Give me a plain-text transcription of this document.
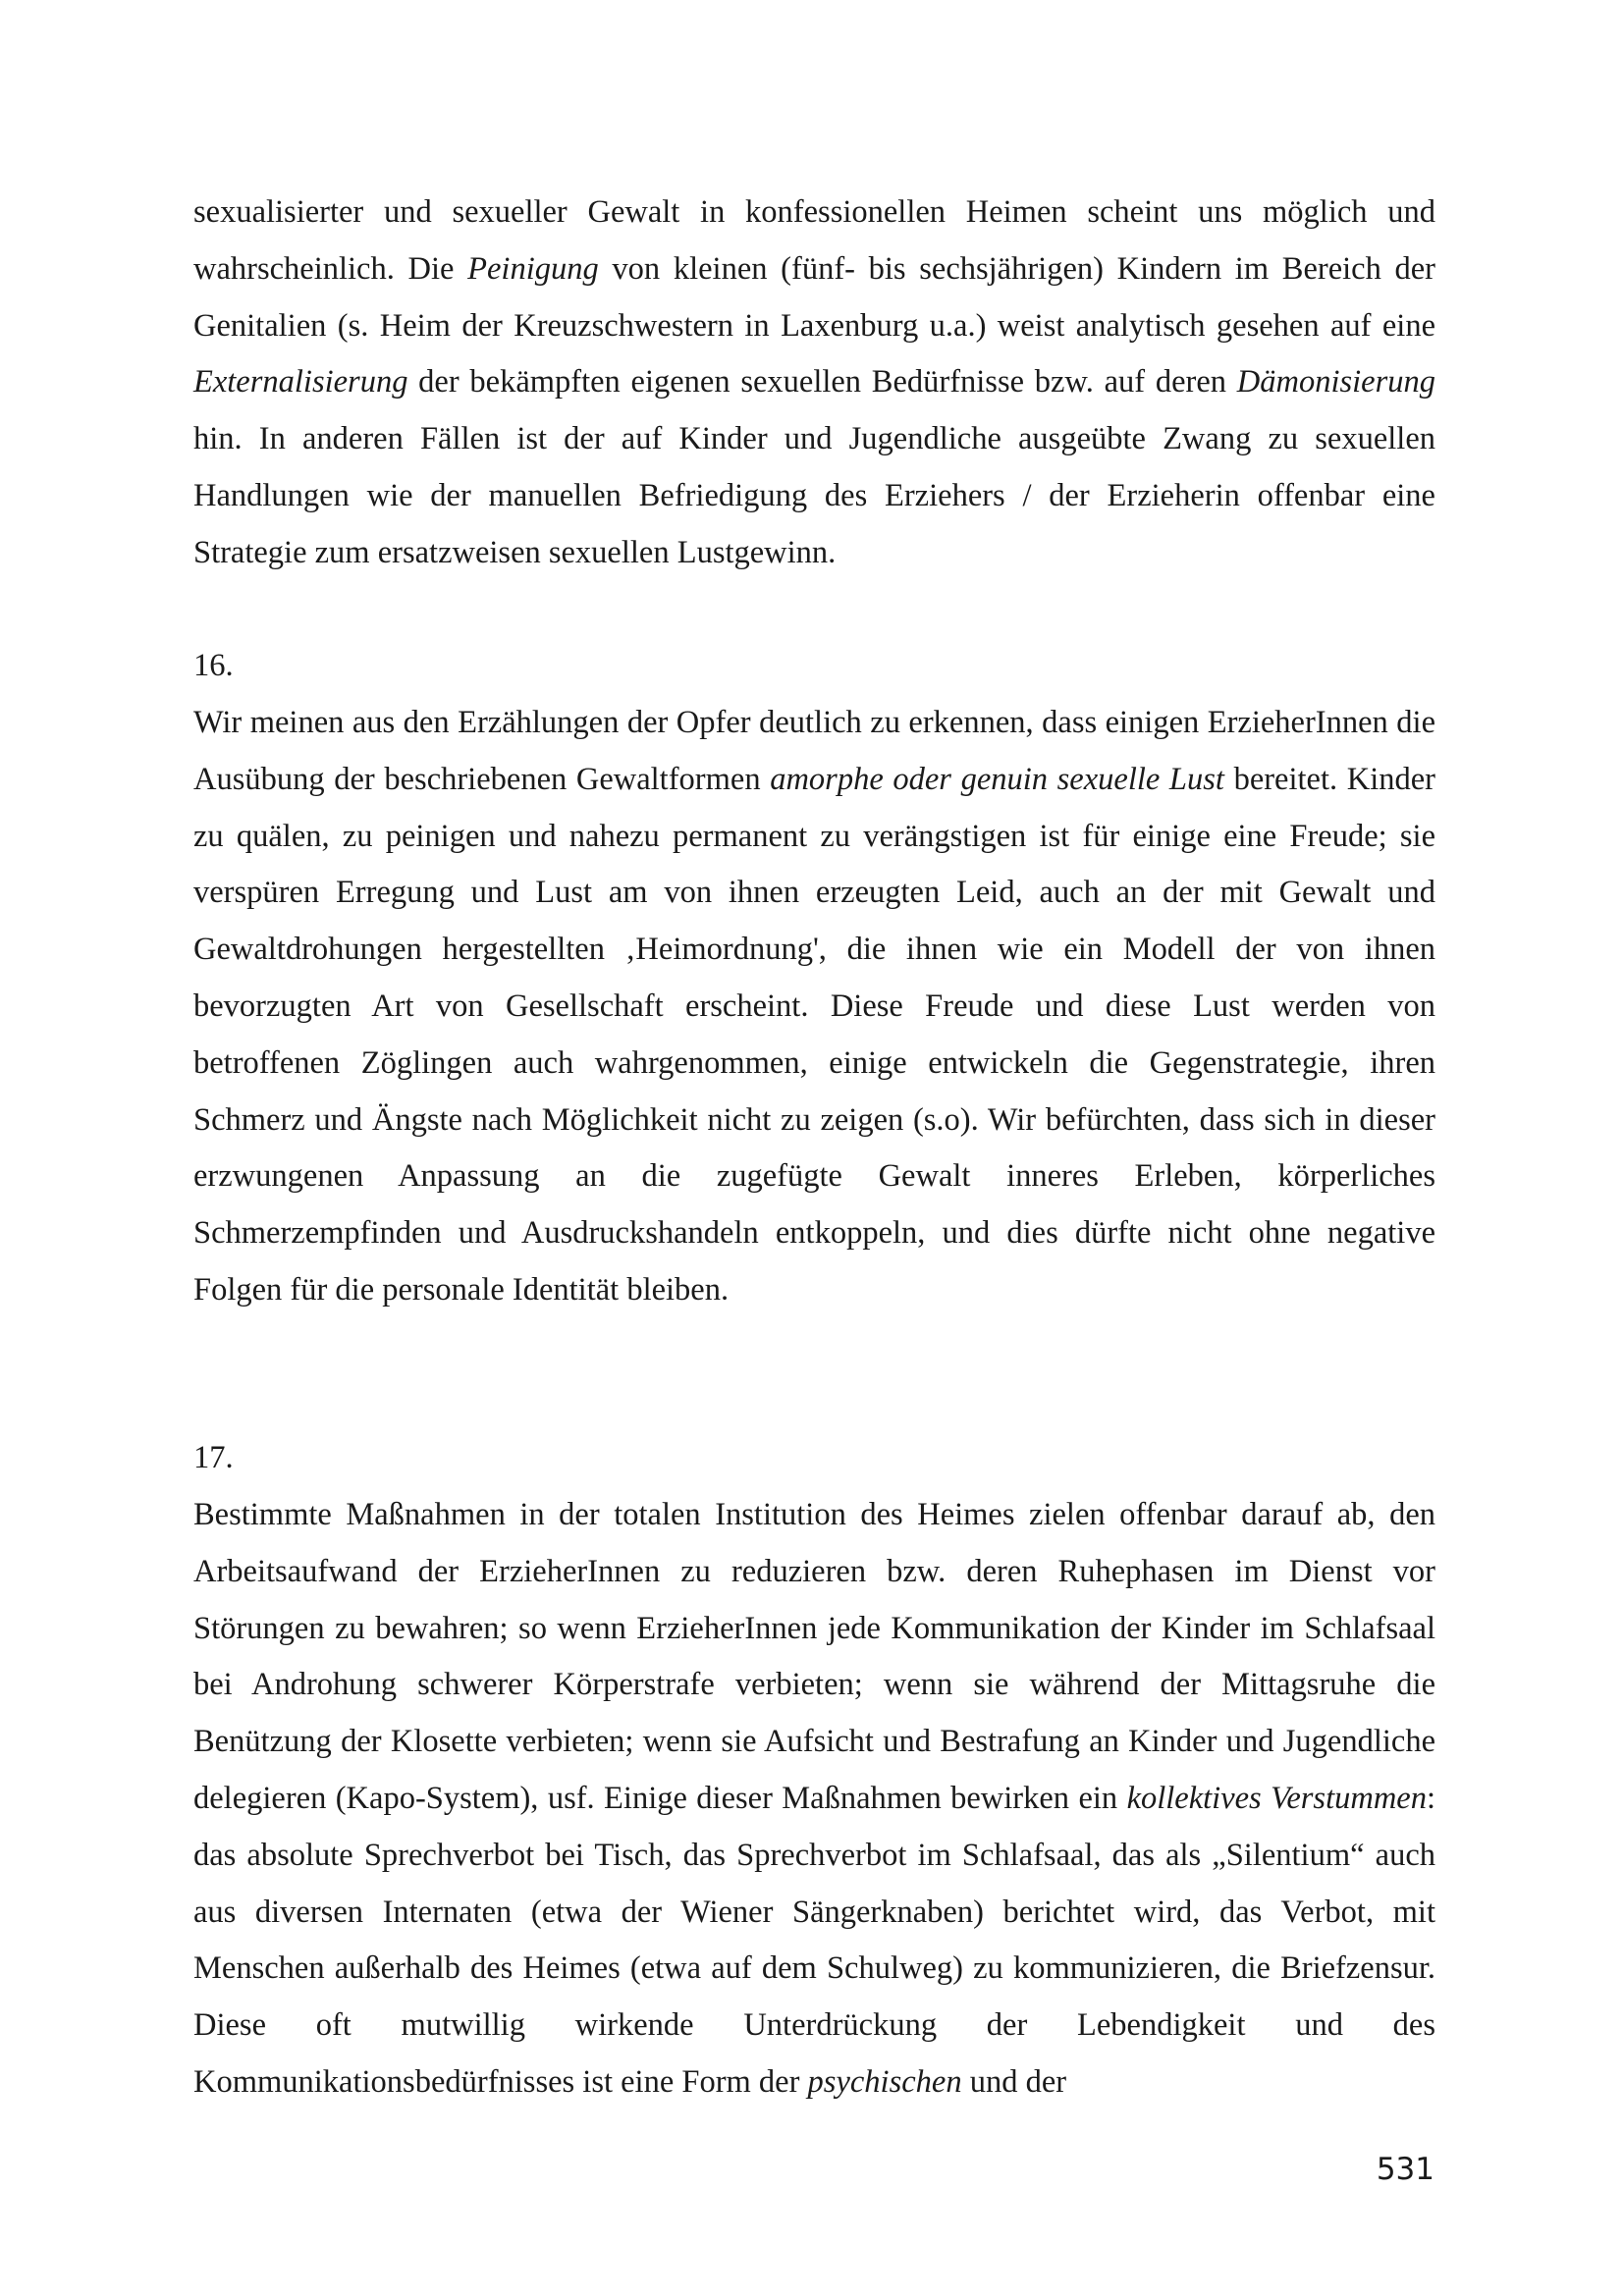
sexualisierter und sexueller Gewalt in konfessionellen Heimen scheint uns möglich und wahrscheinlich. Die Peinigung von kleinen (fünf- bis sechsjährigen) Kindern im Bereich der Genitalien (s. Heim der Kreuzschwestern in Laxenburg u.a.) weist analytisch gesehen auf eine Externalisierung der bekämpften eigenen sexuellen Bedürfnisse bzw. auf deren Dämonisierung hin. In anderen Fällen ist der auf Kinder und Jugendliche ausgeübte Zwang zu sexuellen Handlungen wie der manuellen Befriedigung des Erziehers / der Erzieherin offenbar eine Strategie zum ersatzweisen sexuellen Lustgewinn.

16.

Wir meinen aus den Erzählungen der Opfer deutlich zu erkennen, dass einigen ErzieherInnen die Ausübung der beschriebenen Gewaltformen amorphe oder genuin sexuelle Lust bereitet. Kinder zu quälen, zu peinigen und nahezu permanent zu verängstigen ist für einige eine Freude; sie verspüren Erregung und Lust am von ihnen erzeugten Leid, auch an der mit Gewalt und Gewaltdrohungen hergestellten ‚Heimordnung', die ihnen wie ein Modell der von ihnen bevorzugten Art von Gesellschaft erscheint. Diese Freude und diese Lust werden von betroffenen Zöglingen auch wahrgenommen, einige entwickeln die Gegenstrategie, ihren Schmerz und Ängste nach Möglichkeit nicht zu zeigen (s.o). Wir befürchten, dass sich in dieser erzwungenen Anpassung an die zugefügte Gewalt inneres Erleben, körperliches Schmerzempfinden und Ausdruckshandeln entkoppeln, und dies dürfte nicht ohne negative Folgen für die personale Identität bleiben.

17.

Bestimmte Maßnahmen in der totalen Institution des Heimes zielen offenbar darauf ab, den Arbeitsaufwand der ErzieherInnen zu reduzieren bzw. deren Ruhephasen im Dienst vor Störungen zu bewahren; so wenn ErzieherInnen jede Kommunikation der Kinder im Schlafsaal bei Androhung schwerer Körperstrafe verbieten; wenn sie während der Mittagsruhe die Benützung der Klosette verbieten; wenn sie Aufsicht und Bestrafung an Kinder und Jugendliche delegieren (Kapo-System), usf. Einige dieser Maßnahmen bewirken ein kollektives Verstummen: das absolute Sprechverbot bei Tisch, das Sprechverbot im Schlafsaal, das als „Silentium“ auch aus diversen Internaten (etwa der Wiener Sängerknaben) berichtet wird, das Verbot, mit Menschen außerhalb des Heimes (etwa auf dem Schulweg) zu kommunizieren, die Briefzensur. Diese oft mutwillig wirkende Unterdrückung der Lebendigkeit und des Kommunikationsbedürfnisses ist eine Form der psychischen und der

531
